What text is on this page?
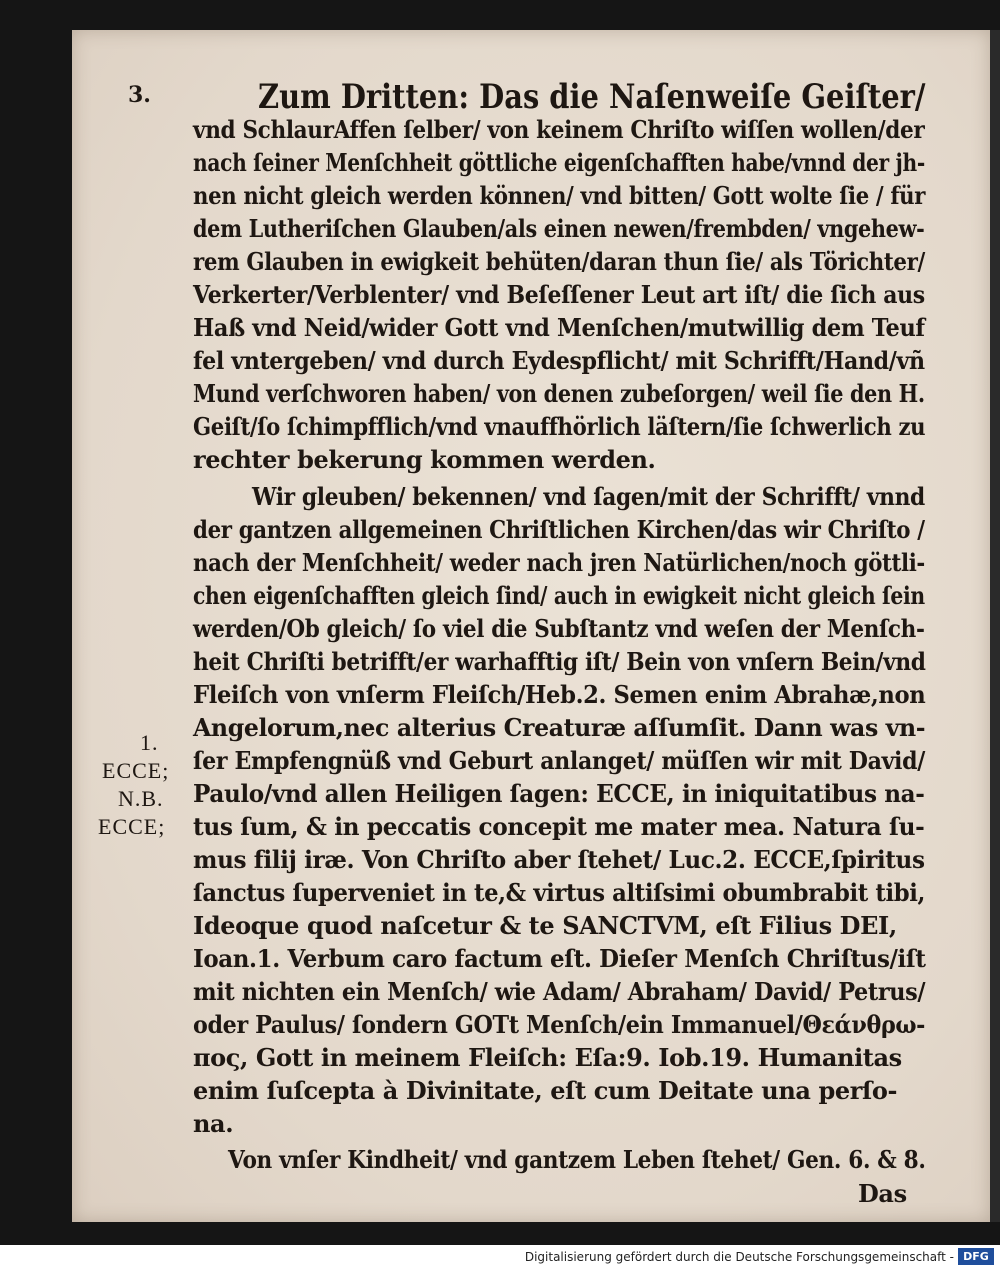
3.	Zum Dritten: Das die Naſenweiſe Geiſter/
vnd SchlaurAffen ſelber/ von keinem Chriſto wiſſen wollen/der
nach ſeiner Menſchheit göttliche eigenſchafften habe/vnnd der jh-
nen nicht gleich werden können/ vnd bitten/ Gott wolte ſie / für
dem Lutheriſchen Glauben/als einen newen/frembden/ vngehew-
rem Glauben in ewigkeit behüten/daran thun ſie/ als Törichter/
Verkerter/Verblenter/ vnd Beſeſſener Leut art iſt/ die ſich aus
Haß vnd Neid/wider Gott vnd Menſchen/mutwillig dem Teuf
fel vntergeben/ vnd durch Eydespflicht/ mit Schrifft/Hand/vñ
Mund verſchworen haben/ von denen zubeſorgen/ weil ſie den H.
Geiſt/ſo ſchimpfflich/vnd vnauffhörlich läſtern/ſie ſchwerlich zu
rechter bekerung kommen werden.
Wir gleuben/ bekennen/ vnd ſagen/mit der Schrifft/ vnnd
der gantzen allgemeinen Chriſtlichen Kirchen/das wir Chriſto /
nach der Menſchheit/ weder nach jren Natürlichen/noch göttli-
chen eigenſchafften gleich ſind/ auch in ewigkeit nicht gleich ſein
werden/Ob gleich/ ſo viel die Subſtantz vnd weſen der Menſch-
heit Chriſti betrifft/er warhafftig iſt/ Bein von vnſern Bein/vnd
Fleiſch von vnſerm Fleiſch/Heb.2. Semen enim Abrahæ,non
Angelorum,nec alterius Creaturæ aſſumſit. Dann was vn-
ſer Empfengnüß vnd Geburt anlanget/ müſſen wir mit David/
Paulo/vnd allen Heiligen ſagen: ECCE, in iniquitatibus na-
tus ſum, & in peccatis concepit me mater mea. Natura ſu-
mus filij iræ. Von Chriſto aber ſtehet/ Luc.2. ECCE,ſpiritus
ſanctus ſuperveniet in te,& virtus altiſsimi obumbrabit tibi,
Ideoque quod naſcetur & te SANCTVM, eſt Filius DEI,
Ioan.1. Verbum caro factum eſt. Dieſer Menſch Chriſtus/iſt
mit nichten ein Menſch/ wie Adam/ Abraham/ David/ Petrus/
oder Paulus/ ſondern GOTt Menſch/ein Immanuel/Θεάνθρω-
πος, Gott in meinem Fleiſch: Eſa:9. Iob.19. Humanitas
enim ſuſcepta à Divinitate, eſt cum Deitate una perſo-
na.
Von vnſer Kindheit/ vnd gantzem Leben ſtehet/ Gen. 6. & 8.
Das
1.
ECCE;
N.B.
ECCE;
Digitalisierung gefördert durch die Deutsche Forschungsgemeinschaft - DFG
